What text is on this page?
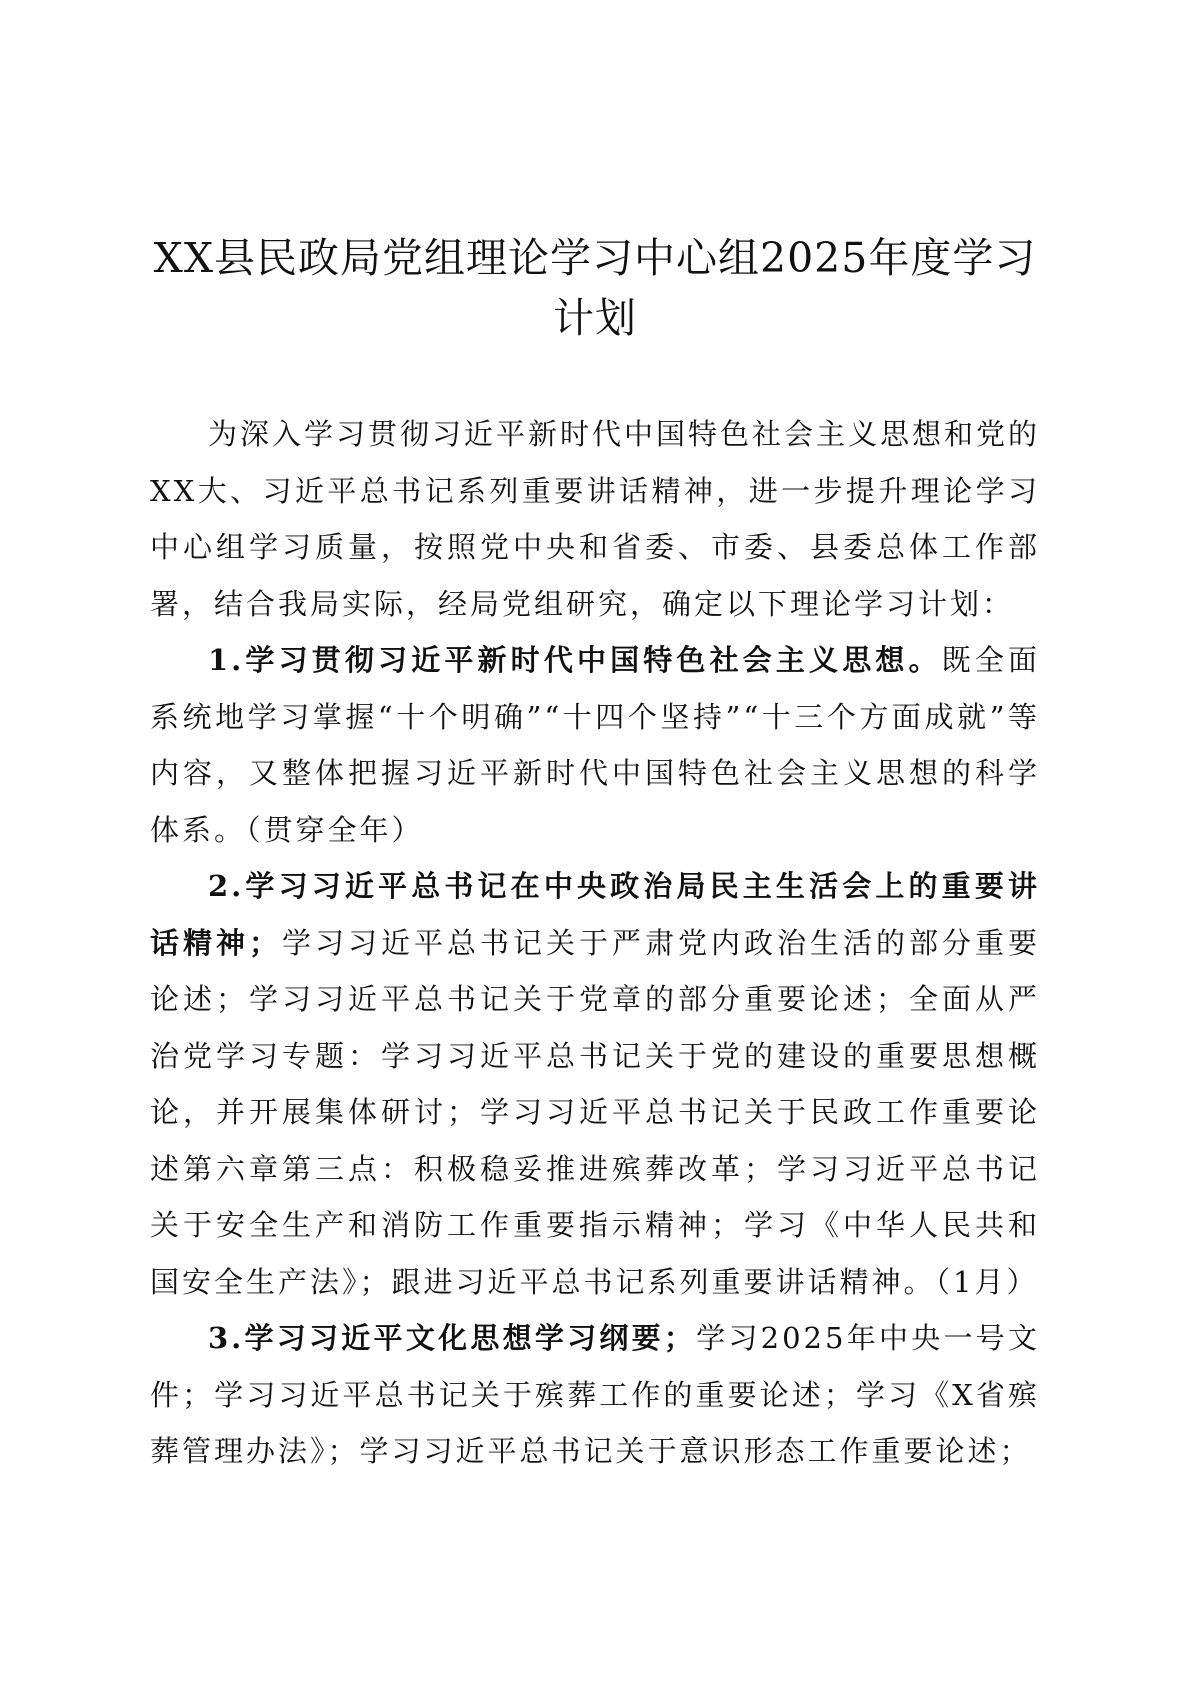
XX县民政局党组理论学习中心组2025年度学习计划

为深入学习贯彻习近平新时代中国特色社会主义思想和党的XX大、习近平总书记系列重要讲话精神，进一步提升理论学习中心组学习质量，按照党中央和省委、市委、县委总体工作部署，结合我局实际，经局党组研究，确定以下理论学习计划：

1.学习贯彻习近平新时代中国特色社会主义思想。既全面系统地学习掌握“十个明确”“十四个坚持”“十三个方面成就”等内容，又整体把握习近平新时代中国特色社会主义思想的科学体系。（贯穿全年）

2.学习习近平总书记在中央政治局民主生活会上的重要讲话精神；学习习近平总书记关于严肃党内政治生活的部分重要论述；学习习近平总书记关于党章的部分重要论述；全面从严治党学习专题：学习习近平总书记关于党的建设的重要思想概论，并开展集体研讨；学习习近平总书记关于民政工作重要论述第六章第三点：积极稳妥推进殡葬改革；学习习近平总书记关于安全生产和消防工作重要指示精神；学习《中华人民共和国安全生产法》；跟进习近平总书记系列重要讲话精神。（1月）

3.学习习近平文化思想学习纲要；学习2025年中央一号文件；学习习近平总书记关于殡葬工作的重要论述；学习《X省殡葬管理办法》；学习习近平总书记关于意识形态工作重要论述；
